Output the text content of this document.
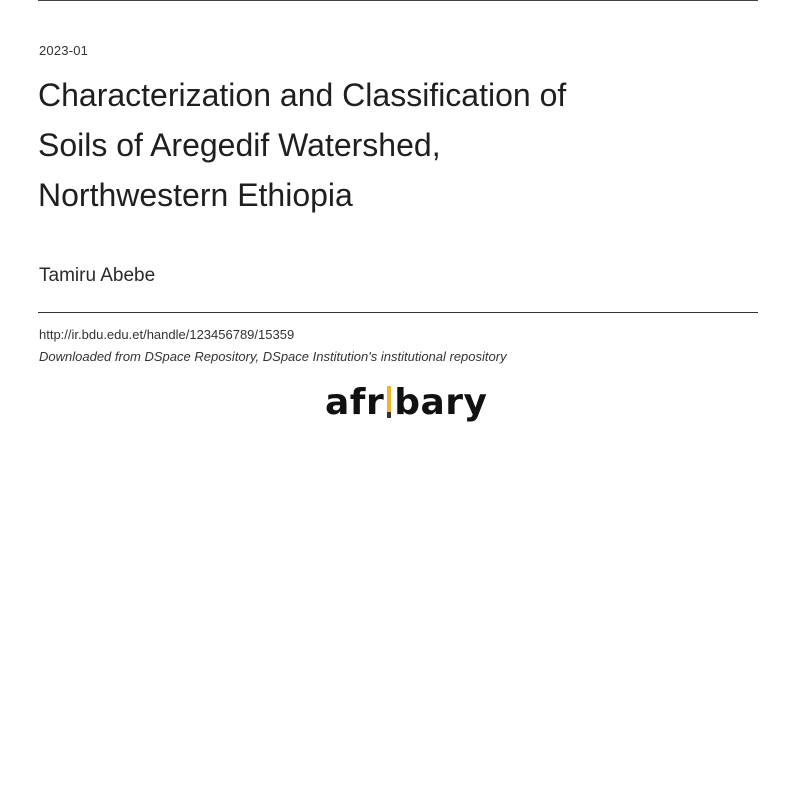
2023-01
Characterization and Classification of
Soils of Aregedif Watershed,
Northwestern Ethiopia
Tamiru Abebe
http://ir.bdu.edu.et/handle/123456789/15359
Downloaded from DSpace Repository, DSpace Institution's institutional repository
afr bary
